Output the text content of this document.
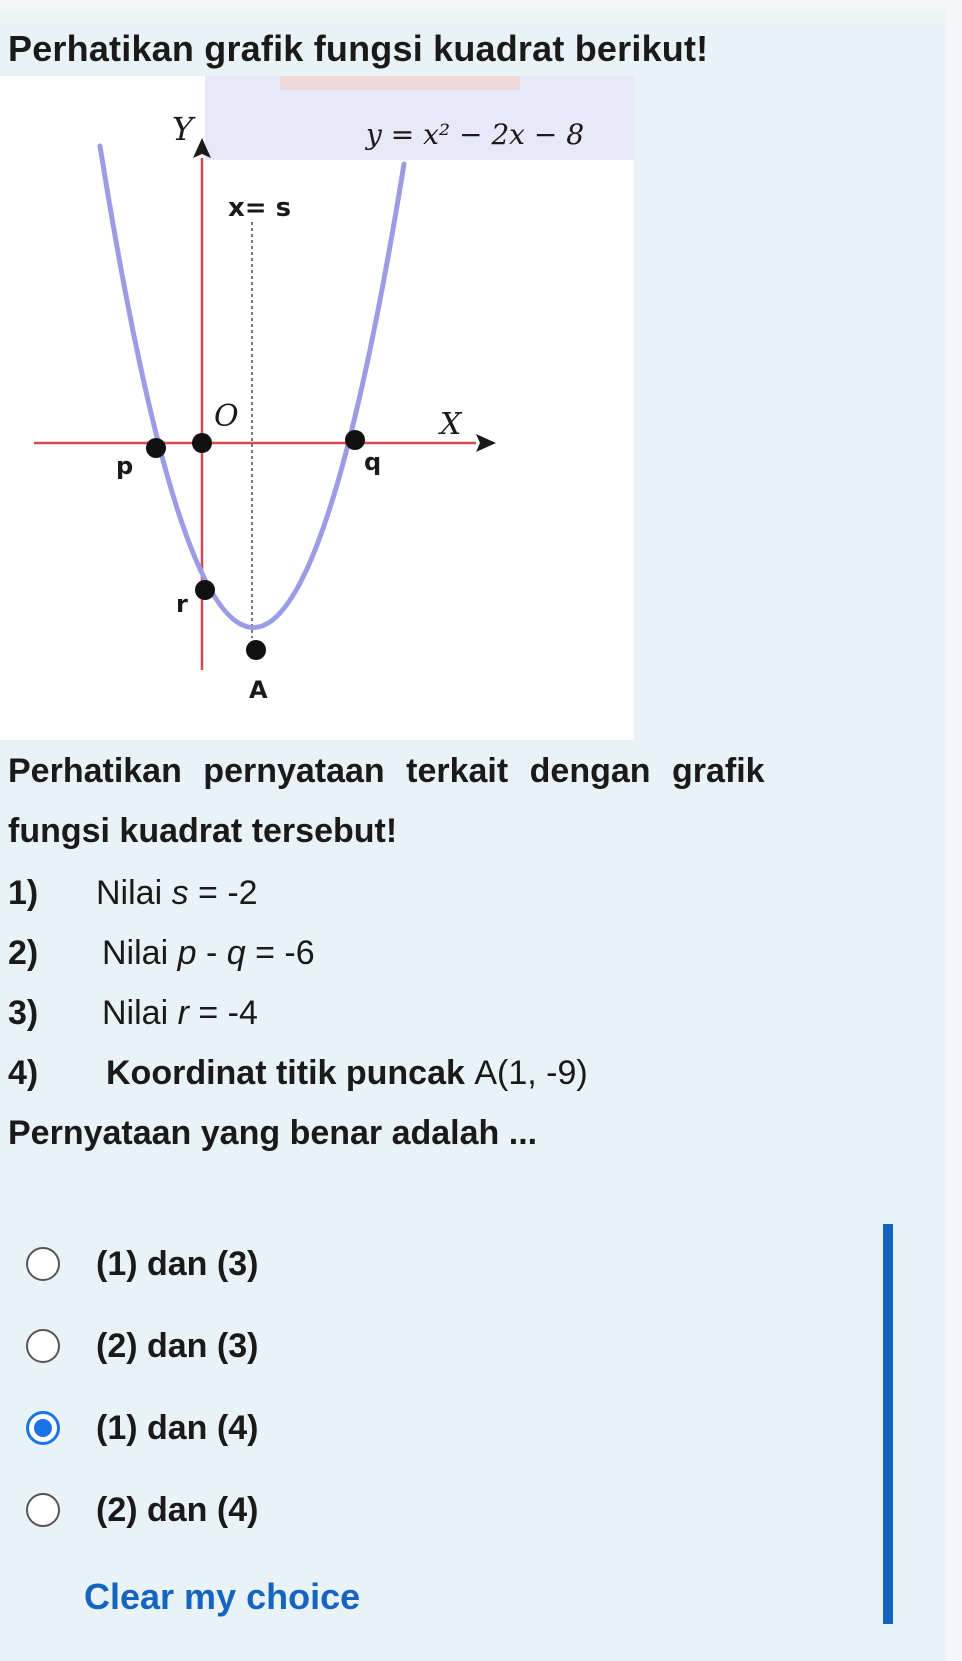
Perhatikan grafik fungsi kuadrat berikut!
y = x² − 2x − 8
Y
X
O
x= s
p	q
r
A
Perhatikan pernyataan terkait dengan grafik
fungsi kuadrat tersebut!
1) Nilai s = -2
2) Nilai p - q = -6
3) Nilai r = -4
4) Koordinat titik puncak A(1, -9)
Pernyataan yang benar adalah ...
(1) dan (3)
(2) dan (3)
(1) dan (4)
(2) dan (4)
Clear my choice
